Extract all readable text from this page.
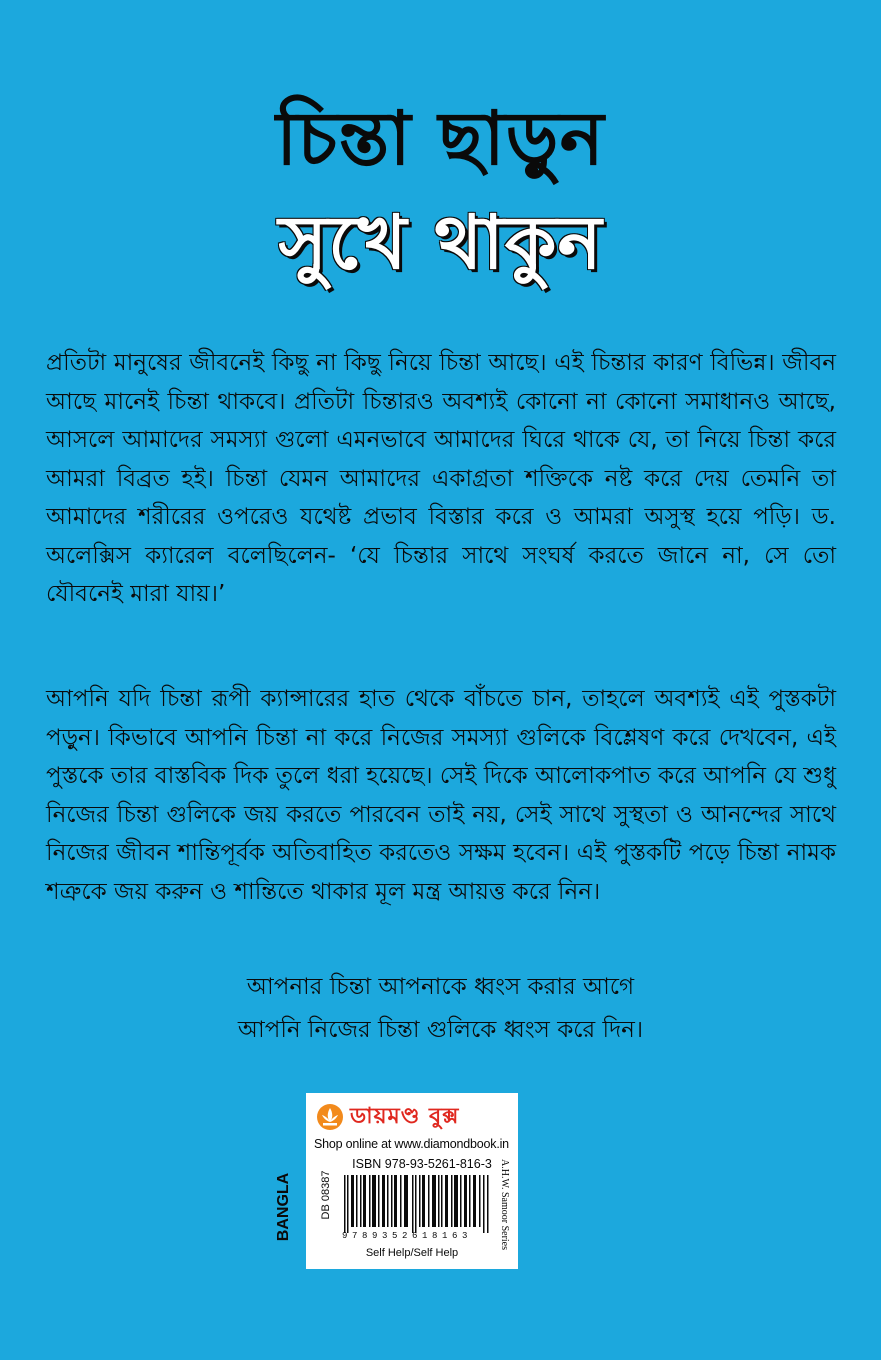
চিন্তা ছাড়ুন
সুখে থাকুন

প্রতিটা মানুষের জীবনেই কিছু না কিছু নিয়ে চিন্তা আছে। এই চিন্তার কারণ বিভিন্ন। জীবন আছে মানেই চিন্তা থাকবে। প্রতিটা চিন্তারও অবশ্যই কোনো না কোনো সমাধানও আছে, আসলে আমাদের সমস্যা গুলো এমনভাবে আমাদের ঘিরে থাকে যে, তা নিয়ে চিন্তা করে আমরা বিব্রত হই। চিন্তা যেমন আমাদের একাগ্রতা শক্তিকে নষ্ট করে দেয় তেমনি তা আমাদের শরীরের ওপরেও যথেষ্ট প্রভাব বিস্তার করে ও আমরা অসুস্থ হয়ে পড়ি। ড. অলেক্সিস ক্যারেল বলেছিলেন- ‘যে চিন্তার সাথে সংঘর্ষ করতে জানে না, সে তো যৌবনেই মারা যায়।’

আপনি যদি চিন্তা রূপী ক্যান্সারের হাত থেকে বাঁচতে চান, তাহলে অবশ্যই এই পুস্তকটা পড়ুন। কিভাবে আপনি চিন্তা না করে নিজের সমস্যা গুলিকে বিশ্লেষণ করে দেখবেন, এই পুস্তকে তার বাস্তবিক দিক তুলে ধরা হয়েছে। সেই দিকে আলোকপাত করে আপনি যে শুধু নিজের চিন্তা গুলিকে জয় করতে পারবেন তাই নয়, সেই সাথে সুস্থতা ও আনন্দের সাথে নিজের জীবন শান্তিপূর্বক অতিবাহিত করতেও সক্ষম হবেন। এই পুস্তকটি পড়ে চিন্তা নামক শত্রুকে জয় করুন ও শান্তিতে থাকার মূল মন্ত্র আয়ত্ত করে নিন।

আপনার চিন্তা আপনাকে ধ্বংস করার আগে
আপনি নিজের চিন্তা গুলিকে ধ্বংস করে দিন।
BANGLA
ডায়মণ্ড বুক্স
Shop online at www.diamondbook.in
ISBN 978-93-5261-816-3
9789352618163
DB 08387	A.H.W. Samoor Series
Self Help/Self Help
